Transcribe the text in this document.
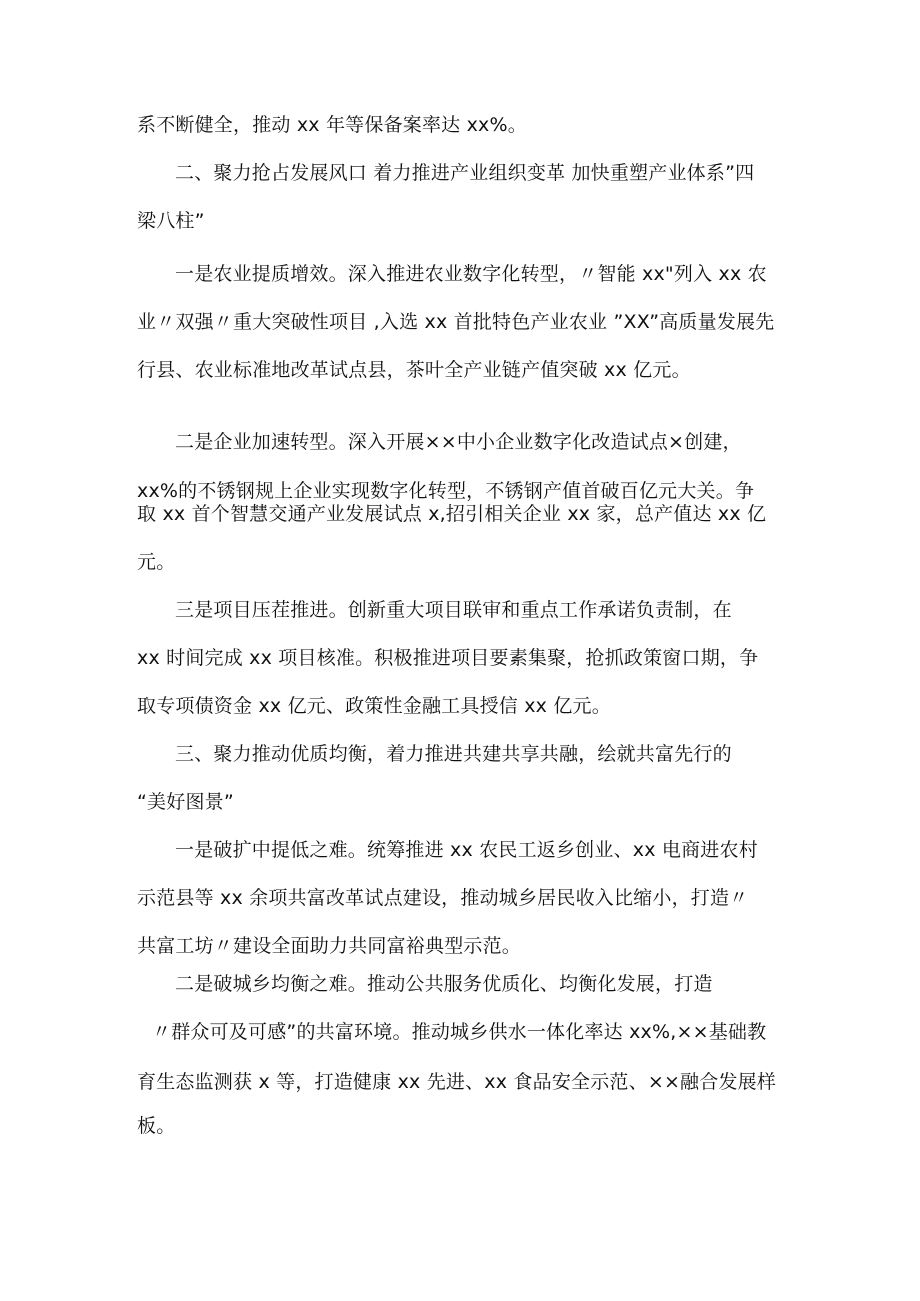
系不断健全，推动 xx 年等保备案率达 xx%。
二、聚力抢占发展风口 着力推进产业组织变革 加快重塑产业体系”四
梁八柱”
一是农业提质增效。深入推进农业数字化转型，〃智能 xx"列入 xx 农
业〃双强〃重大突破性项目 ,入选 xx 首批特色产业农业 ”XX”高质量发展先
行县、农业标准地改革试点县，茶叶全产业链产值突破 xx 亿元。
二是企业加速转型。深入开展××中小企业数字化改造试点×创建，
xx%的不锈钢规上企业实现数字化转型，不锈钢产值首破百亿元大关。争
取 xx 首个智慧交通产业发展试点 x,招引相关企业 xx 家，总产值达 xx 亿
元。
三是项目压茬推进。创新重大项目联审和重点工作承诺负责制，在
xx 时间完成 xx 项目核准。积极推进项目要素集聚，抢抓政策窗口期，争
取专项债资金 xx 亿元、政策性金融工具授信 xx 亿元。
三、聚力推动优质均衡，着力推进共建共享共融，绘就共富先行的
“美好图景”
一是破扩中提低之难。统筹推进 xx 农民工返乡创业、xx 电商进农村
示范县等 xx 余项共富改革试点建设，推动城乡居民收入比缩小，打造〃
共富工坊〃建设全面助力共同富裕典型示范。
二是破城乡均衡之难。推动公共服务优质化、均衡化发展，打造
〃群众可及可感”的共富环境。推动城乡供水一体化率达 xx%,××基础教
育生态监测获 x 等，打造健康 xx 先进、xx 食品安全示范、××融合发展样
板。
